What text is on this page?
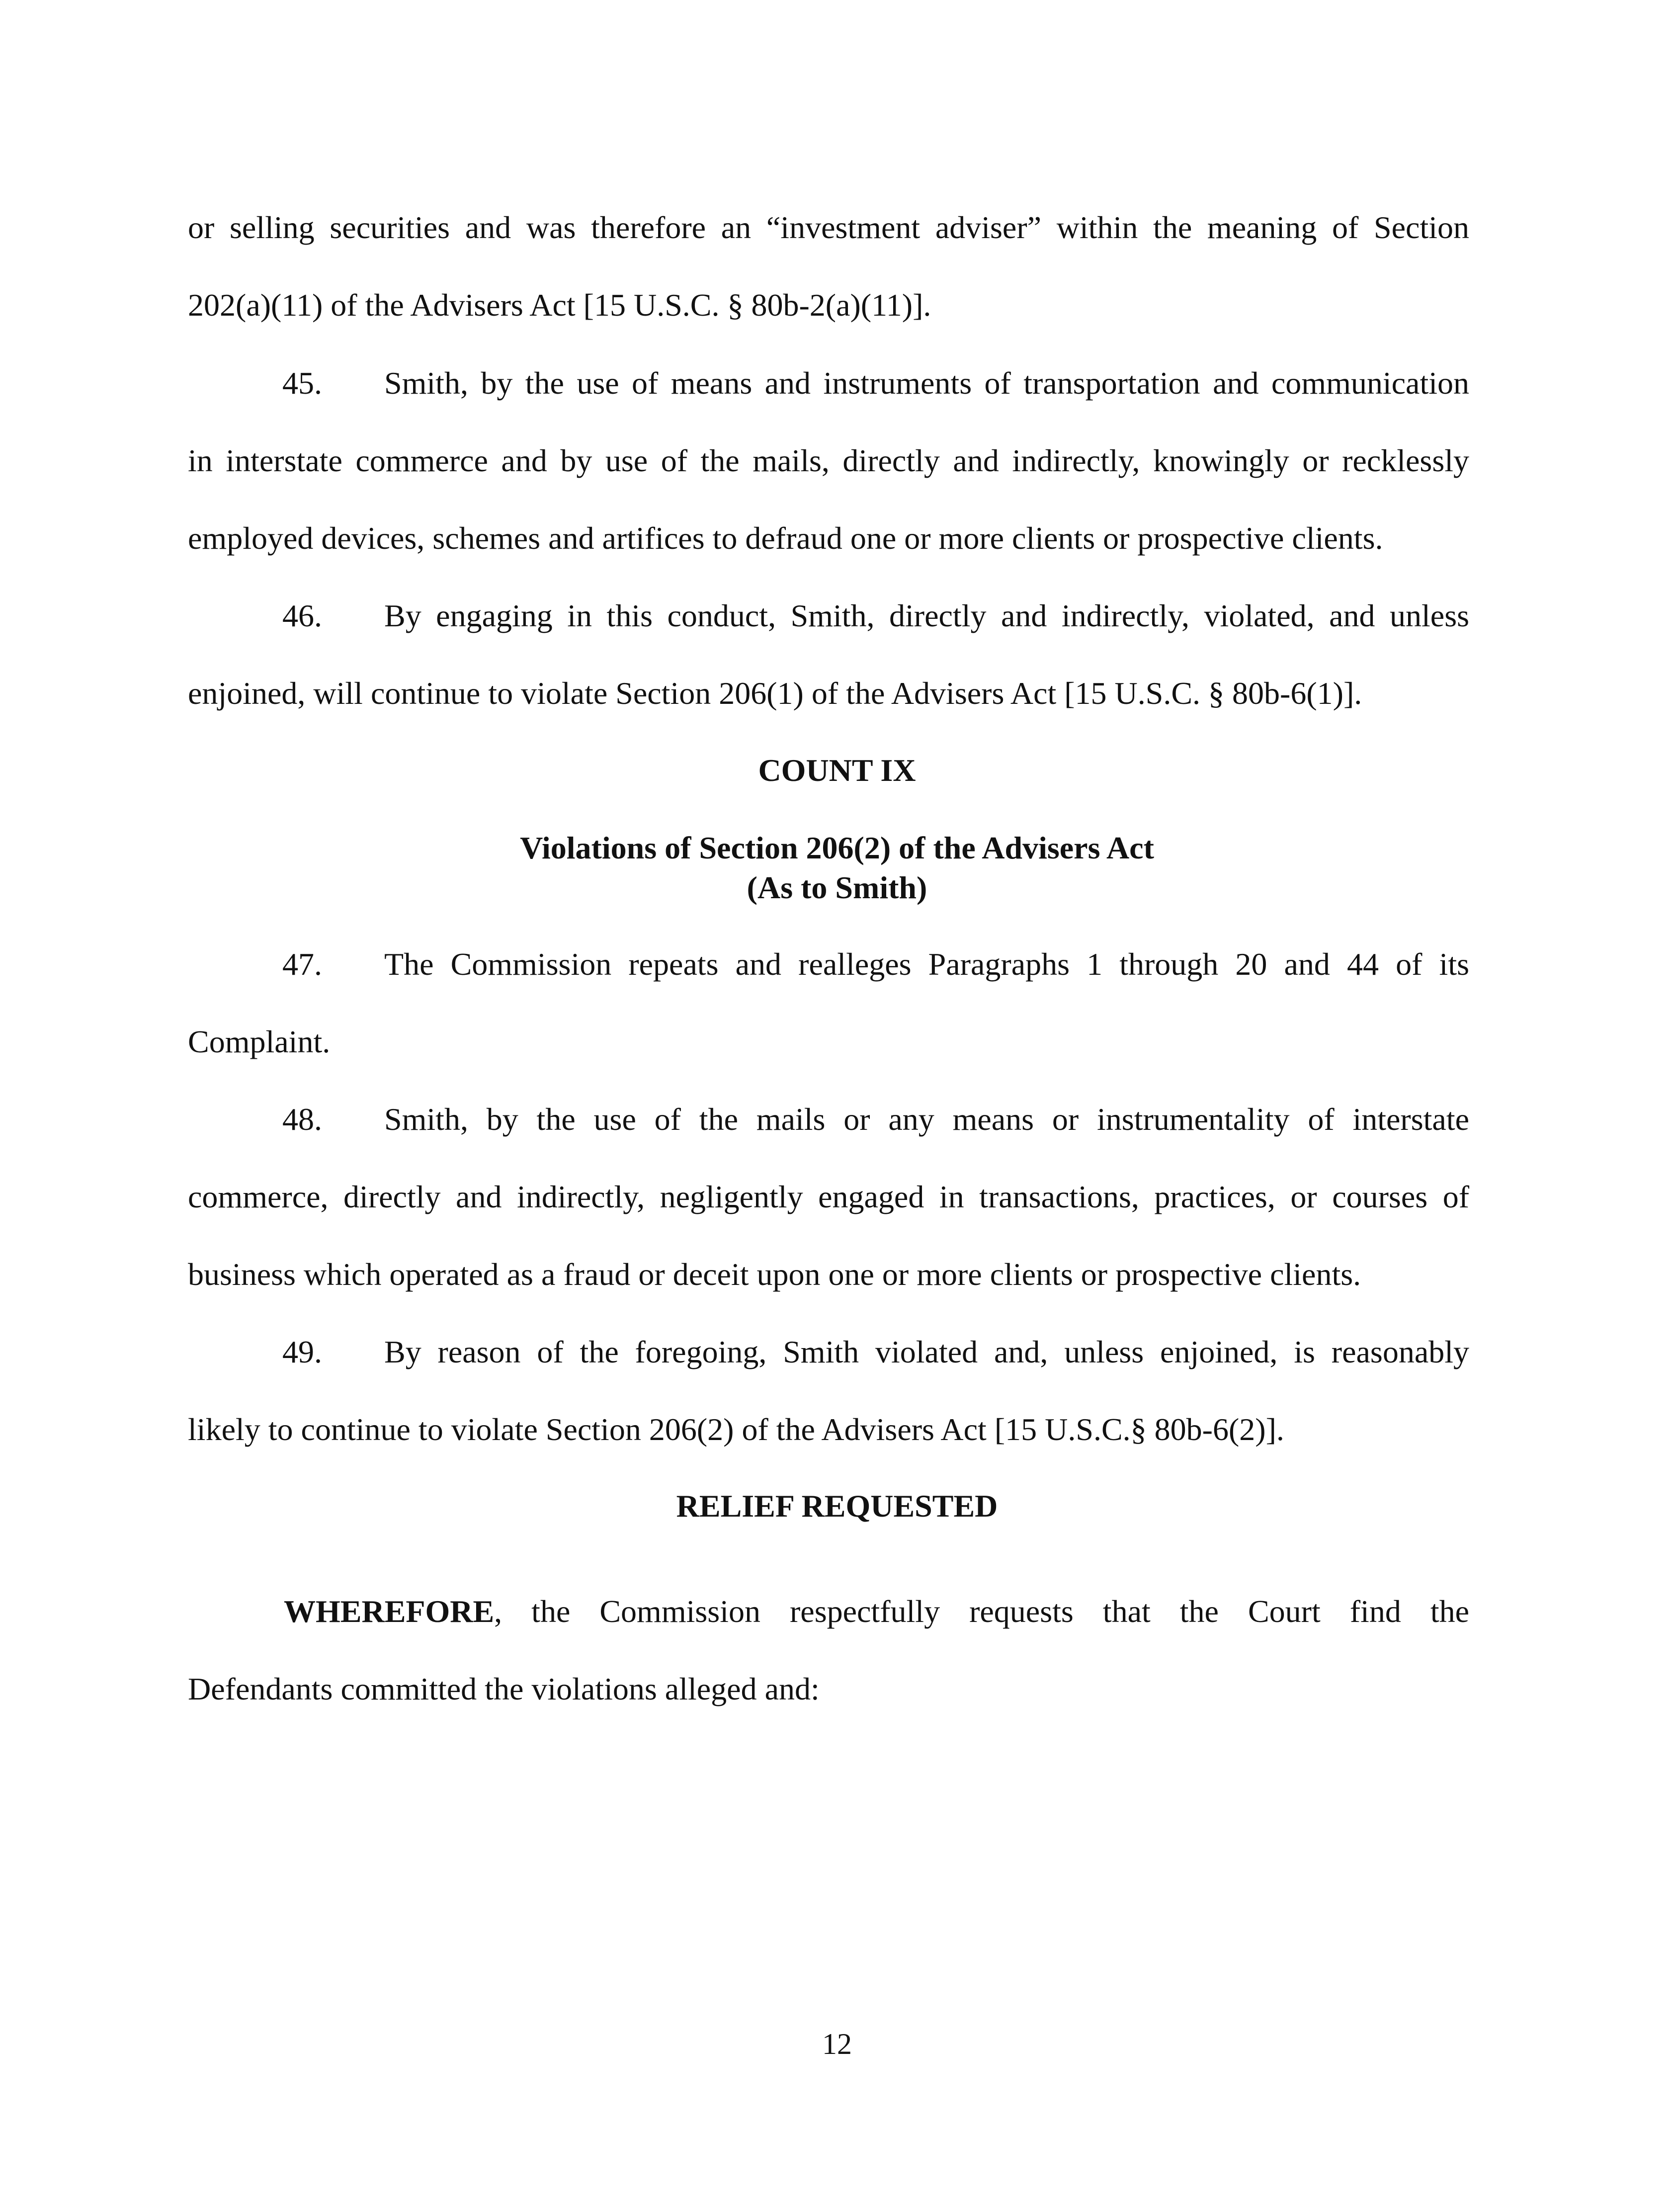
or selling securities and was therefore an “investment adviser” within the meaning of Section
202(a)(11) of the Advisers Act [15 U.S.C. § 80b-2(a)(11)].
45. Smith, by the use of means and instruments of transportation and communication
in interstate commerce and by use of the mails, directly and indirectly, knowingly or recklessly
employed devices, schemes and artifices to defraud one or more clients or prospective clients.
46. By engaging in this conduct, Smith, directly and indirectly, violated, and unless
enjoined, will continue to violate Section 206(1) of the Advisers Act [15 U.S.C. § 80b-6(1)].
COUNT IX
Violations of Section 206(2) of the Advisers Act
(As to Smith)
47. The Commission repeats and realleges Paragraphs 1 through 20 and 44 of its
Complaint.
48. Smith, by the use of the mails or any means or instrumentality of interstate
commerce, directly and indirectly, negligently engaged in transactions, practices, or courses of
business which operated as a fraud or deceit upon one or more clients or prospective clients.
49. By reason of the foregoing, Smith violated and, unless enjoined, is reasonably
likely to continue to violate Section 206(2) of the Advisers Act [15 U.S.C.§ 80b-6(2)].
RELIEF REQUESTED
WHEREFORE, the Commission respectfully requests that the Court find the
Defendants committed the violations alleged and:
12
